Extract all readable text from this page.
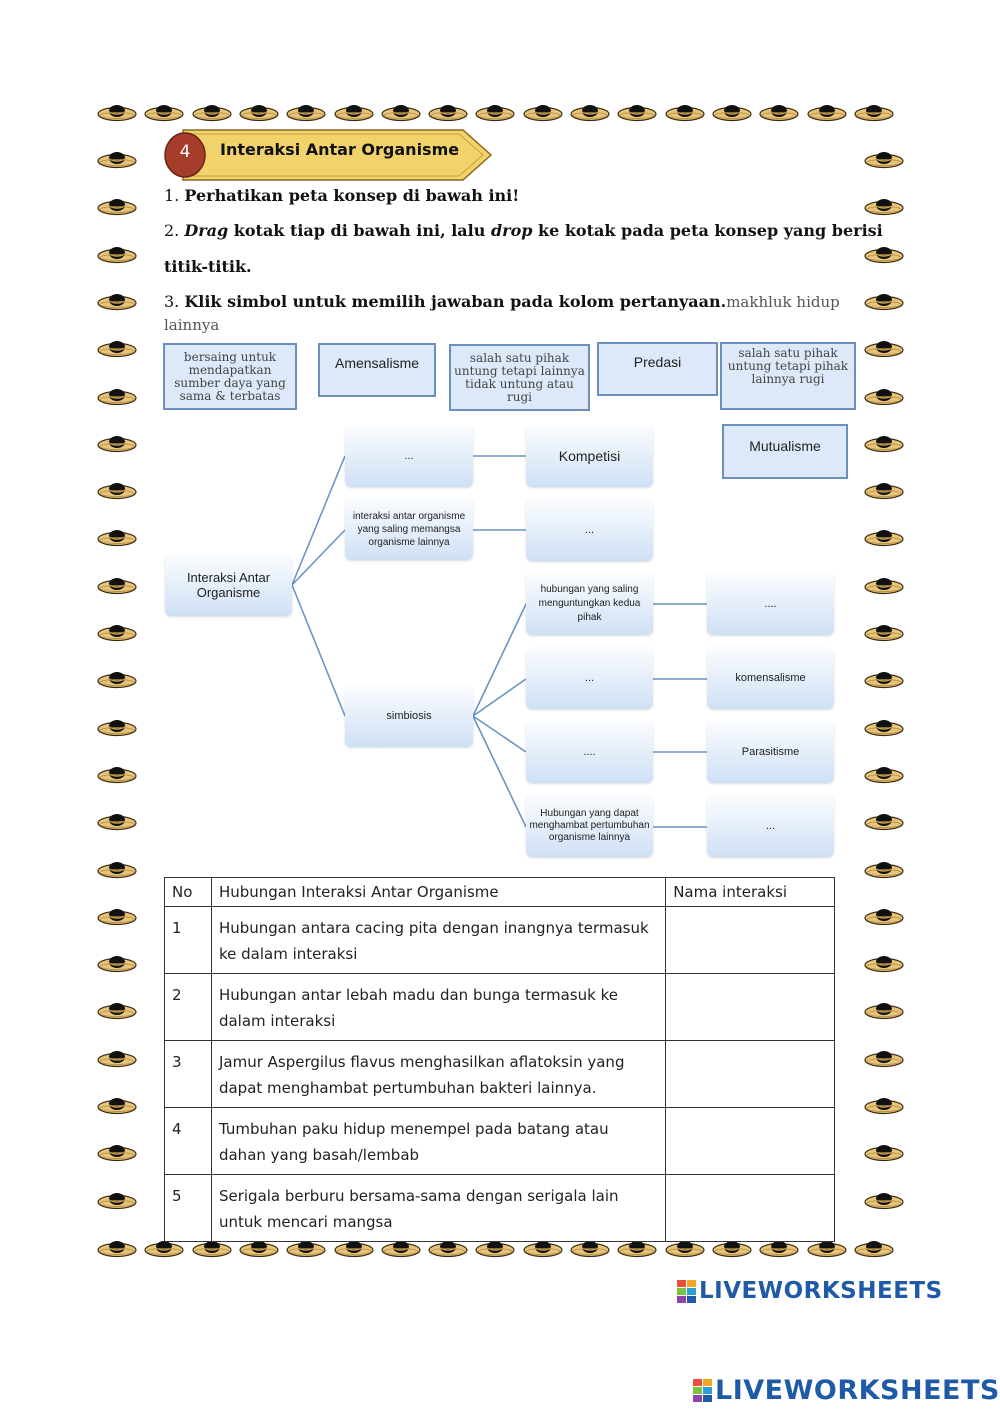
4	Interaksi Antar Organisme
1. Perhatikan peta konsep di bawah ini!
2. Drag kotak tiap di bawah ini, lalu drop ke kotak pada peta konsep yang berisi
titik-titik.
3. Klik simbol untuk memilih jawaban pada kolom pertanyaan.makhluk hidup
lainnya
bersaing untuk mendapatkan sumber daya yang sama & terbatas
Amensalisme	salah satu pihak untung tetapi lainnya tidak untung atau rugi
Predasi
salah satu pihak untung tetapi pihak lainnya rugi
Mutualisme
Interaksi Antar Organisme
...
interaksi antar organisme yang saling memangsa organisme lainnya
simbiosis
Kompetisi
...
hubungan yang saling menguntungkan kedua pihak
...
....
Hubungan yang dapat menghambat pertumbuhan organisme lainnya
....
komensalisme
Parasitisme
...
No	Hubungan Interaksi Antar Organisme	Nama interaksi
1	Hubungan antara cacing pita dengan inangnya termasuk ke dalam interaksi	
2	Hubungan antar lebah madu dan bunga termasuk ke dalam interaksi	
3	Jamur Aspergilus flavus menghasilkan aflatoksin yang dapat menghambat pertumbuhan bakteri lainnya.	
4	Tumbuhan paku hidup menempel pada batang atau dahan yang basah/lembab	
5	Serigala berburu bersama-sama dengan serigala lain untuk mencari mangsa	
LIVEWORKSHEETS
LIVEWORKSHEETS
